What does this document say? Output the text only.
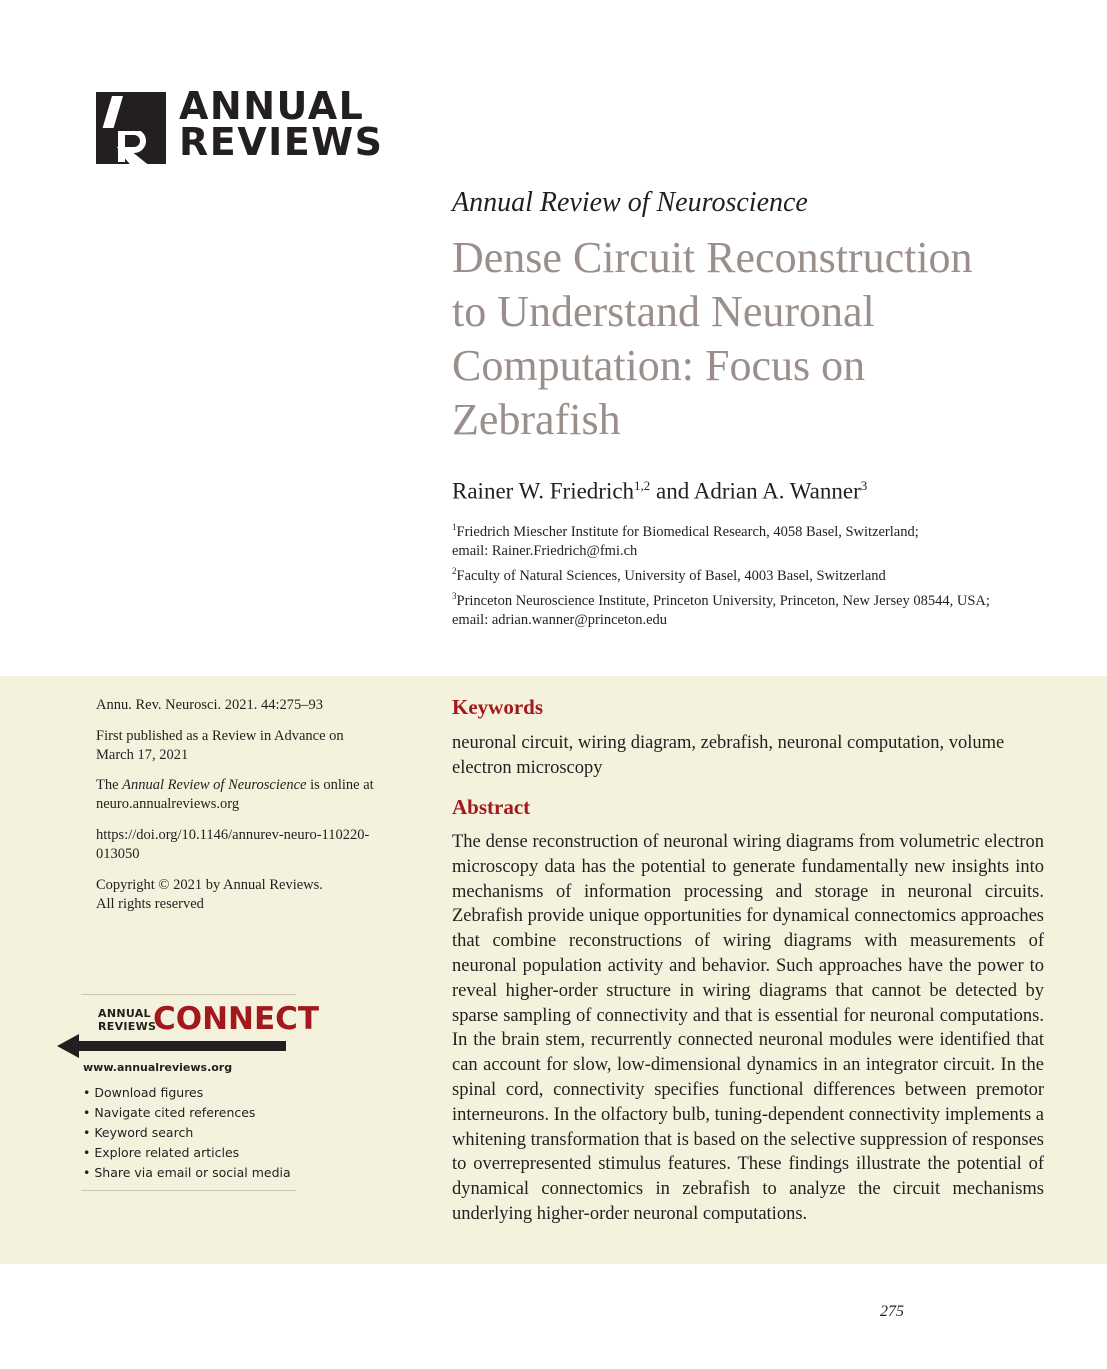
ANNUAL
REVIEWS
Annual Review of Neuroscience
Dense Circuit Reconstruction
to Understand Neuronal
Computation: Focus on
Zebrafish
Rainer W. Friedrich$^{1,2}$ and Adrian A. Wanner$^3$
$^1$Friedrich Miescher Institute for Biomedical Research, 4058 Basel, Switzerland;
email: Rainer.Friedrich@fmi.ch
$^2$Faculty of Natural Sciences, University of Basel, 4003 Basel, Switzerland
$^3$Princeton Neuroscience Institute, Princeton University, Princeton, New Jersey 08544, USA;
email: adrian.wanner@princeton.edu
Annu. Rev. Neurosci. 2021. 44:275–93
First published as a Review in Advance on
March 17, 2021
The Annual Review of Neuroscience is online at
neuro.annualreviews.org
https://doi.org/10.1146/annurev-neuro-110220-
013050
Copyright © 2021 by Annual Reviews.
All rights reserved
ANNUAL
REVIEWS
CONNECT
www.annualreviews.org
• Download figures
• Navigate cited references
• Keyword search
• Explore related articles
• Share via email or social media
Keywords
neuronal circuit, wiring diagram, zebrafish, neuronal computation, volume electron microscopy
Abstract
The dense reconstruction of neuronal wiring diagrams from volumetric electron microscopy data has the potential to generate fundamentally new insights into mechanisms of information processing and storage in neuronal circuits. Zebrafish provide unique opportunities for dynamical connectomics approaches that combine reconstructions of wiring diagrams with measurements of neuronal population activity and behavior. Such approaches have the power to reveal higher-order structure in wiring diagrams that cannot be detected by sparse sampling of connectivity and that is essential for neuronal computations. In the brain stem, recurrently connected neuronal modules were identified that can account for slow, low-dimensional dynamics in an integrator circuit. In the spinal cord, connectivity specifies functional differences between premotor interneurons. In the olfactory bulb, tuning-dependent connectivity implements a whitening transformation that is based on the selective suppression of responses to overrepresented stimulus features. These findings illustrate the potential of dynamical connectomics in zebrafish to analyze the circuit mechanisms underlying higher-order neuronal computations.
275
